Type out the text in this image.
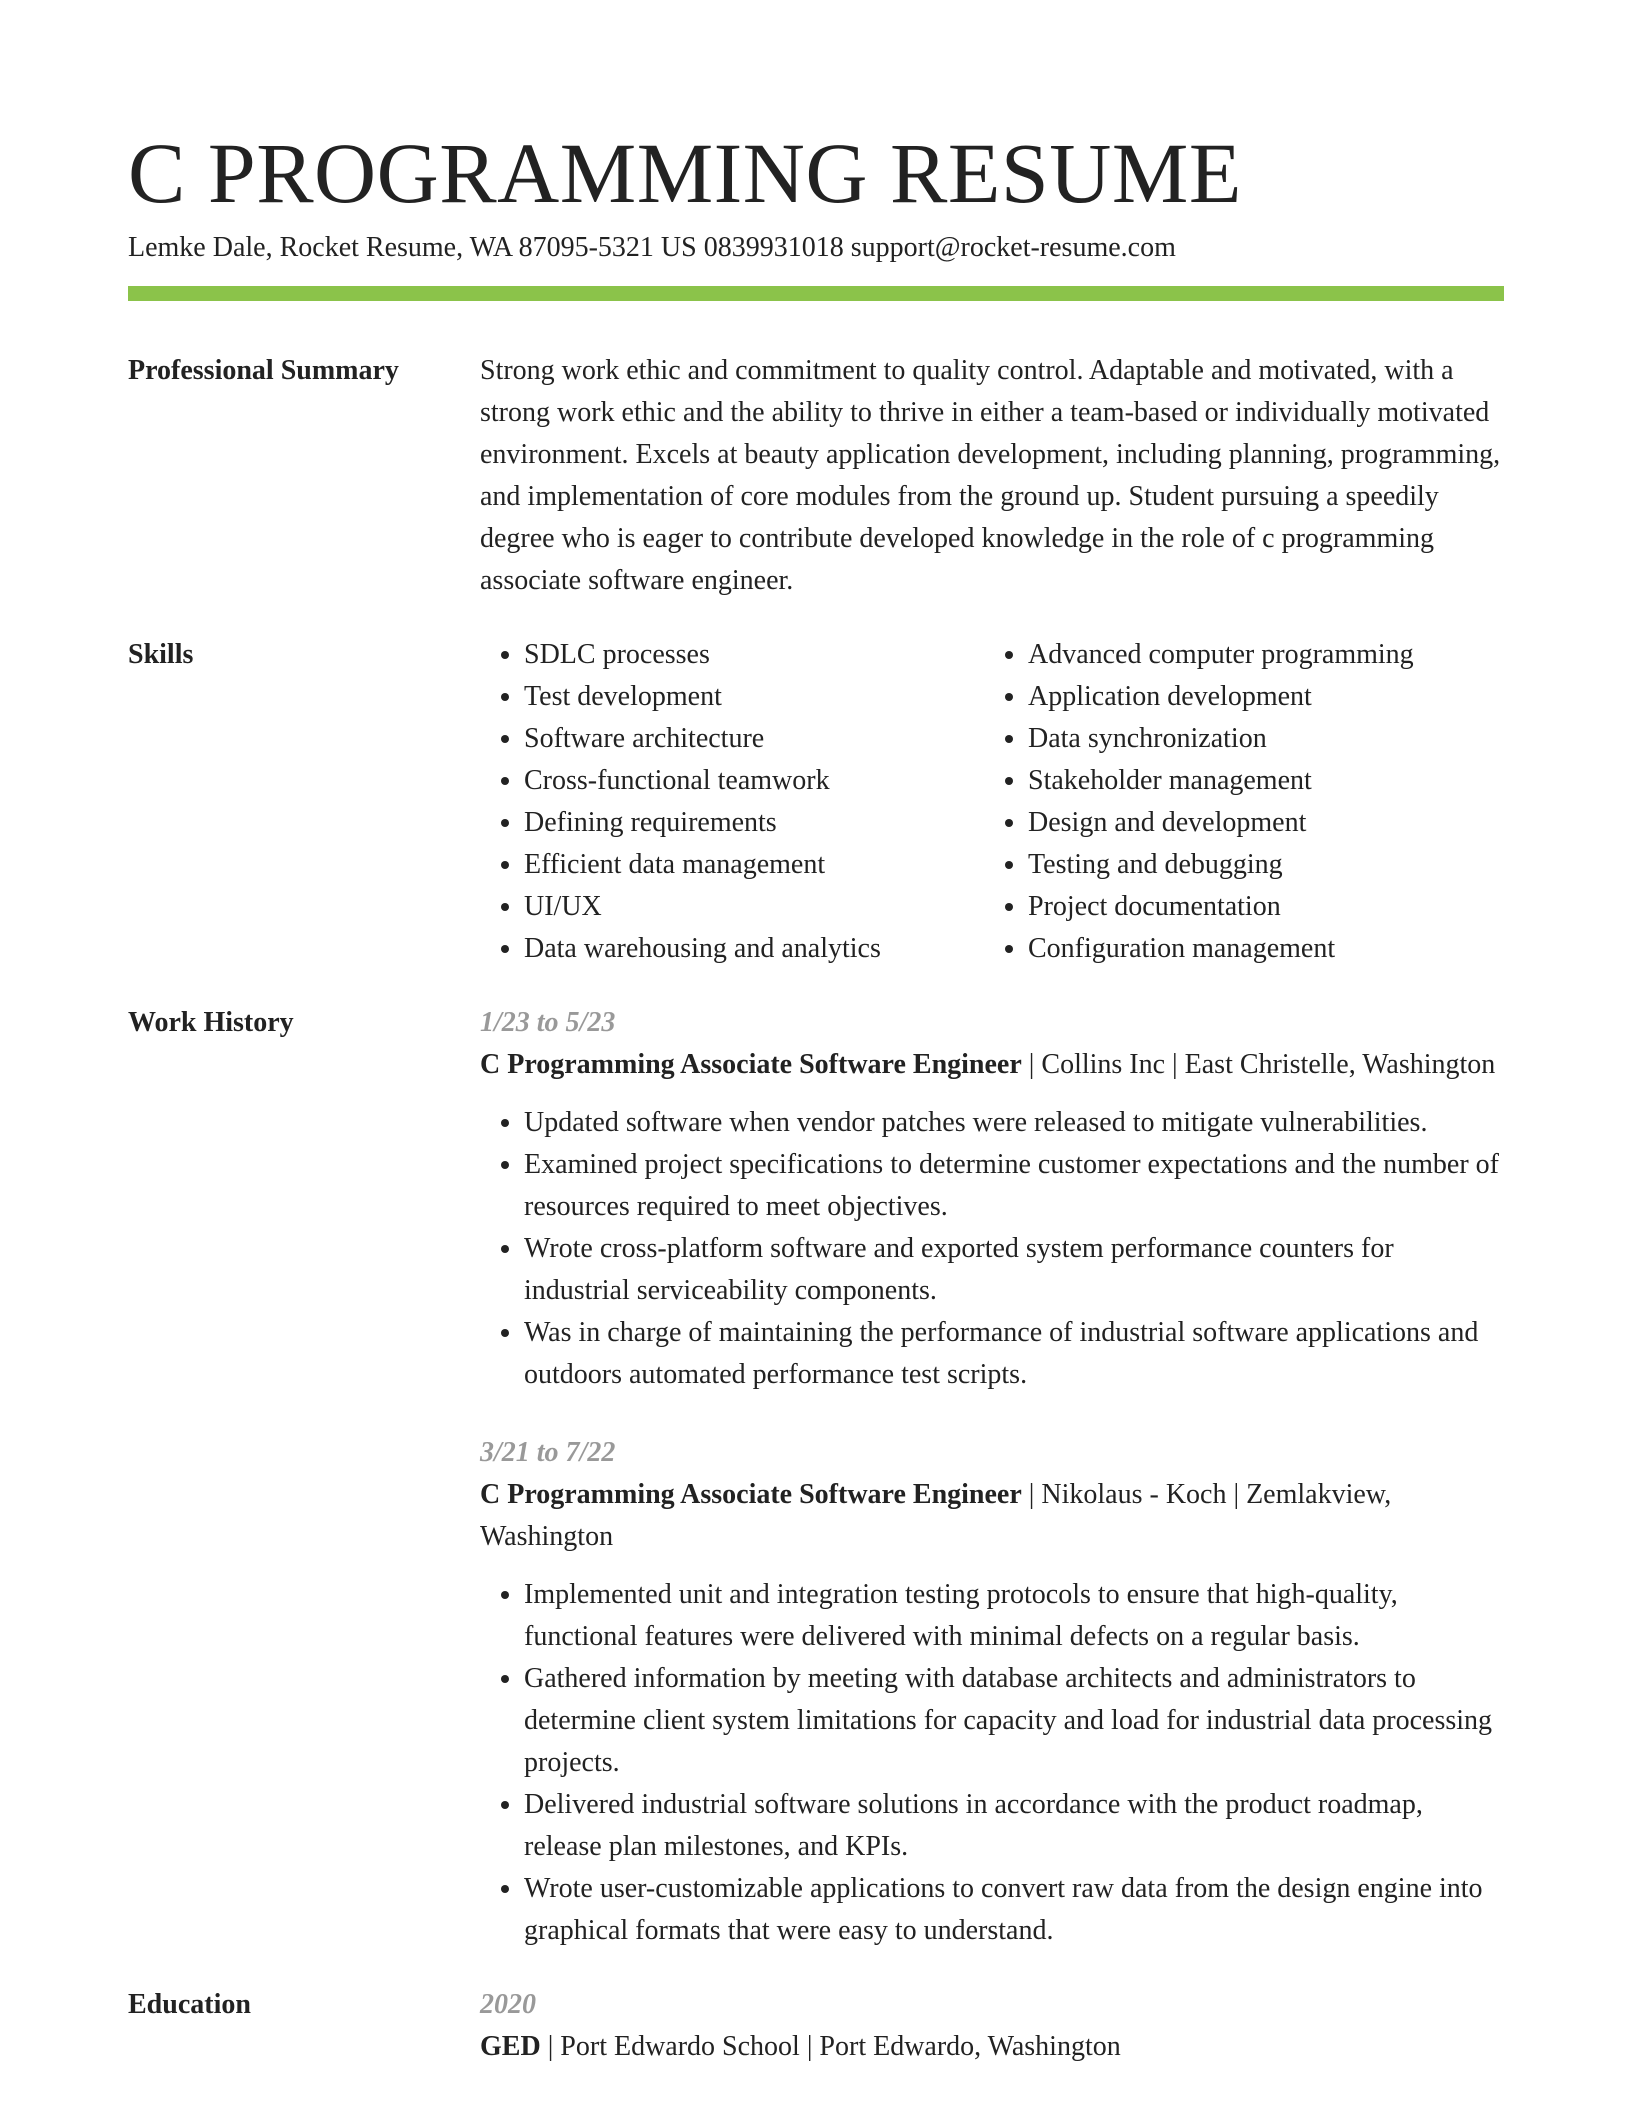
C PROGRAMMING RESUME
Lemke Dale, Rocket Resume, WA 87095-5321 US 0839931018 support@rocket-resume.com
Professional Summary	Strong work ethic and commitment to quality control. Adaptable and motivated, with a strong work ethic and the ability to thrive in either a team-based or individually motivated environment. Excels at beauty application development, including planning, programming, and implementation of core modules from the ground up. Student pursuing a speedily degree who is eager to contribute developed knowledge in the role of c programming associate software engineer.

Skills
•	SDLC processes
• Test development
• Software architecture
• Cross-functional teamwork
• Defining requirements
• Efficient data management
• UI/UX
• Data warehousing and analytics
• Advanced computer programming
• Application development
• Data synchronization
• Stakeholder management
• Design and development
• Testing and debugging
• Project documentation
• Configuration management
Work History	1/23 to 5/23
C Programming Associate Software Engineer | Collins Inc | East Christelle, Washington
• Updated software when vendor patches were released to mitigate vulnerabilities.
• Examined project specifications to determine customer expectations and the number of resources required to meet objectives.
• Wrote cross-platform software and exported system performance counters for industrial serviceability components.
• Was in charge of maintaining the performance of industrial software applications and outdoors automated performance test scripts.
3/21 to 7/22
C Programming Associate Software Engineer | Nikolaus - Koch | Zemlakview, Washington
• Implemented unit and integration testing protocols to ensure that high-quality, functional features were delivered with minimal defects on a regular basis.
• Gathered information by meeting with database architects and administrators to determine client system limitations for capacity and load for industrial data processing projects.
• Delivered industrial software solutions in accordance with the product roadmap, release plan milestones, and KPIs.
• Wrote user-customizable applications to convert raw data from the design engine into graphical formats that were easy to understand.
Education	2020
GED | Port Edwardo School | Port Edwardo, Washington
